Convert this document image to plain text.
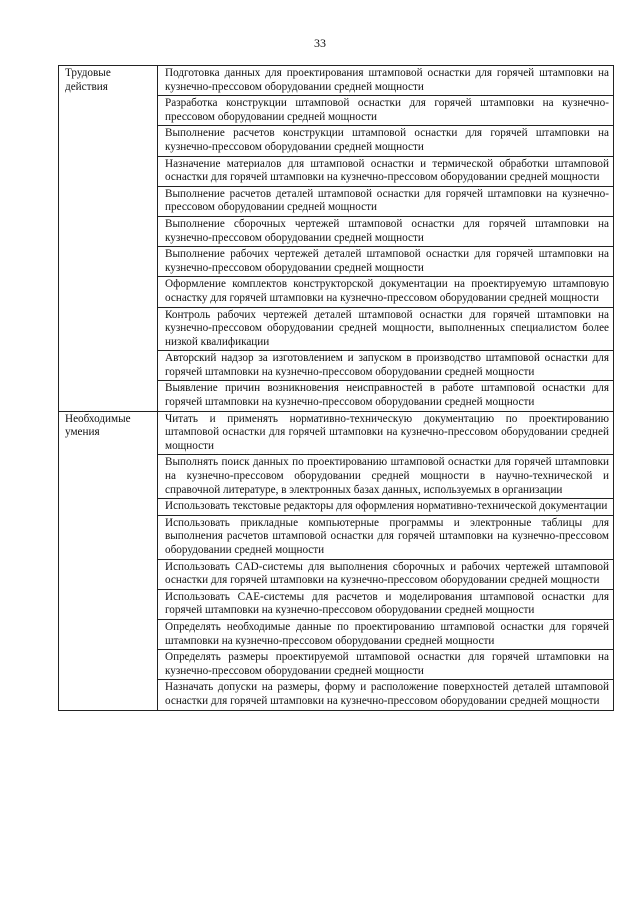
33
Трудовые действия	Подготовка данных для проектирования штамповой оснастки для горячей штамповки на кузнечно-прессовом оборудовании средней мощности
	Разработка конструкции штамповой оснастки для горячей штамповки на кузнечно-прессовом оборудовании средней мощности
	Выполнение расчетов конструкции штамповой оснастки для горячей штамповки на кузнечно-прессовом оборудовании средней мощности
	Назначение материалов для штамповой оснастки и термической обработки штамповой оснастки для горячей штамповки на кузнечно-прессовом оборудовании средней мощности
	Выполнение расчетов деталей штамповой оснастки для горячей штамповки на кузнечно-прессовом оборудовании средней мощности
	Выполнение сборочных чертежей штамповой оснастки для горячей штамповки на кузнечно-прессовом оборудовании средней мощности
	Выполнение рабочих чертежей деталей штамповой оснастки для горячей штамповки на кузнечно-прессовом оборудовании средней мощности
	Оформление комплектов конструкторской документации на проектируемую штамповую оснастку для горячей штамповки на кузнечно-прессовом оборудовании средней мощности
	Контроль рабочих чертежей деталей штамповой оснастки для горячей штамповки на кузнечно-прессовом оборудовании средней мощности, выполненных специалистом более низкой квалификации
	Авторский надзор за изготовлением и запуском в производство штамповой оснастки для горячей штамповки на кузнечно-прессовом оборудовании средней мощности
	Выявление причин возникновения неисправностей в работе штамповой оснастки для горячей штамповки на кузнечно-прессовом оборудовании средней мощности
Необходимые умения	Читать и применять нормативно-техническую документацию по проектированию штамповой оснастки для горячей штамповки на кузнечно-прессовом оборудовании средней мощности
	Выполнять поиск данных по проектированию штамповой оснастки для горячей штамповки на кузнечно-прессовом оборудовании средней мощности в научно-технической и справочной литературе, в электронных базах данных, используемых в организации
	Использовать текстовые редакторы для оформления нормативно-технической документации
	Использовать прикладные компьютерные программы и электронные таблицы для выполнения расчетов штамповой оснастки для горячей штамповки на кузнечно-прессовом оборудовании средней мощности
	Использовать CAD-системы для выполнения сборочных и рабочих чертежей штамповой оснастки для горячей штамповки на кузнечно-прессовом оборудовании средней мощности
	Использовать CAE-системы для расчетов и моделирования штамповой оснастки для горячей штамповки на кузнечно-прессовом оборудовании средней мощности
	Определять необходимые данные по проектированию штамповой оснастки для горячей штамповки на кузнечно-прессовом оборудовании средней мощности
	Определять размеры проектируемой штамповой оснастки для горячей штамповки на кузнечно-прессовом оборудовании средней мощности
	Назначать допуски на размеры, форму и расположение поверхностей деталей штамповой оснастки для горячей штамповки на кузнечно-прессовом оборудовании средней мощности
